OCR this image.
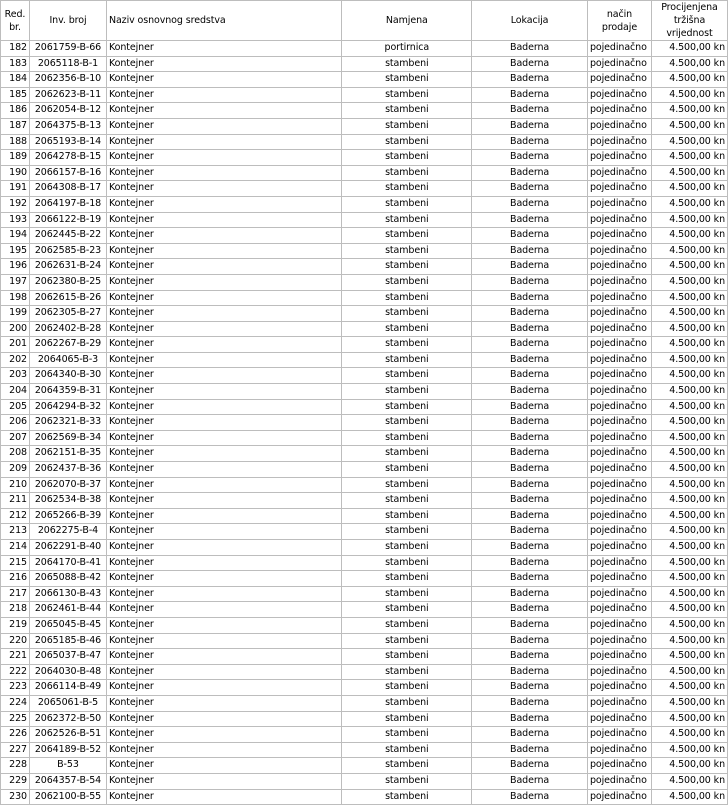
Red. br.	Inv. broj	Naziv osnovnog sredstva	Namjena	Lokacija	način prodaje	Procijenjena tržišna vrijednost
182	2061759-B-66	Kontejner	portirnica	Baderna	pojedinačno	4.500,00 kn
183	2065118-B-1	Kontejner	stambeni	Baderna	pojedinačno	4.500,00 kn
184	2062356-B-10	Kontejner	stambeni	Baderna	pojedinačno	4.500,00 kn
185	2062623-B-11	Kontejner	stambeni	Baderna	pojedinačno	4.500,00 kn
186	2062054-B-12	Kontejner	stambeni	Baderna	pojedinačno	4.500,00 kn
187	2064375-B-13	Kontejner	stambeni	Baderna	pojedinačno	4.500,00 kn
188	2065193-B-14	Kontejner	stambeni	Baderna	pojedinačno	4.500,00 kn
189	2064278-B-15	Kontejner	stambeni	Baderna	pojedinačno	4.500,00 kn
190	2066157-B-16	Kontejner	stambeni	Baderna	pojedinačno	4.500,00 kn
191	2064308-B-17	Kontejner	stambeni	Baderna	pojedinačno	4.500,00 kn
192	2064197-B-18	Kontejner	stambeni	Baderna	pojedinačno	4.500,00 kn
193	2066122-B-19	Kontejner	stambeni	Baderna	pojedinačno	4.500,00 kn
194	2062445-B-22	Kontejner	stambeni	Baderna	pojedinačno	4.500,00 kn
195	2062585-B-23	Kontejner	stambeni	Baderna	pojedinačno	4.500,00 kn
196	2062631-B-24	Kontejner	stambeni	Baderna	pojedinačno	4.500,00 kn
197	2062380-B-25	Kontejner	stambeni	Baderna	pojedinačno	4.500,00 kn
198	2062615-B-26	Kontejner	stambeni	Baderna	pojedinačno	4.500,00 kn
199	2062305-B-27	Kontejner	stambeni	Baderna	pojedinačno	4.500,00 kn
200	2062402-B-28	Kontejner	stambeni	Baderna	pojedinačno	4.500,00 kn
201	2062267-B-29	Kontejner	stambeni	Baderna	pojedinačno	4.500,00 kn
202	2064065-B-3	Kontejner	stambeni	Baderna	pojedinačno	4.500,00 kn
203	2064340-B-30	Kontejner	stambeni	Baderna	pojedinačno	4.500,00 kn
204	2064359-B-31	Kontejner	stambeni	Baderna	pojedinačno	4.500,00 kn
205	2064294-B-32	Kontejner	stambeni	Baderna	pojedinačno	4.500,00 kn
206	2062321-B-33	Kontejner	stambeni	Baderna	pojedinačno	4.500,00 kn
207	2062569-B-34	Kontejner	stambeni	Baderna	pojedinačno	4.500,00 kn
208	2062151-B-35	Kontejner	stambeni	Baderna	pojedinačno	4.500,00 kn
209	2062437-B-36	Kontejner	stambeni	Baderna	pojedinačno	4.500,00 kn
210	2062070-B-37	Kontejner	stambeni	Baderna	pojedinačno	4.500,00 kn
211	2062534-B-38	Kontejner	stambeni	Baderna	pojedinačno	4.500,00 kn
212	2065266-B-39	Kontejner	stambeni	Baderna	pojedinačno	4.500,00 kn
213	2062275-B-4	Kontejner	stambeni	Baderna	pojedinačno	4.500,00 kn
214	2062291-B-40	Kontejner	stambeni	Baderna	pojedinačno	4.500,00 kn
215	2064170-B-41	Kontejner	stambeni	Baderna	pojedinačno	4.500,00 kn
216	2065088-B-42	Kontejner	stambeni	Baderna	pojedinačno	4.500,00 kn
217	2066130-B-43	Kontejner	stambeni	Baderna	pojedinačno	4.500,00 kn
218	2062461-B-44	Kontejner	stambeni	Baderna	pojedinačno	4.500,00 kn
219	2065045-B-45	Kontejner	stambeni	Baderna	pojedinačno	4.500,00 kn
220	2065185-B-46	Kontejner	stambeni	Baderna	pojedinačno	4.500,00 kn
221	2065037-B-47	Kontejner	stambeni	Baderna	pojedinačno	4.500,00 kn
222	2064030-B-48	Kontejner	stambeni	Baderna	pojedinačno	4.500,00 kn
223	2066114-B-49	Kontejner	stambeni	Baderna	pojedinačno	4.500,00 kn
224	2065061-B-5	Kontejner	stambeni	Baderna	pojedinačno	4.500,00 kn
225	2062372-B-50	Kontejner	stambeni	Baderna	pojedinačno	4.500,00 kn
226	2062526-B-51	Kontejner	stambeni	Baderna	pojedinačno	4.500,00 kn
227	2064189-B-52	Kontejner	stambeni	Baderna	pojedinačno	4.500,00 kn
228	B-53	Kontejner	stambeni	Baderna	pojedinačno	4.500,00 kn
229	2064357-B-54	Kontejner	stambeni	Baderna	pojedinačno	4.500,00 kn
230	2062100-B-55	Kontejner	stambeni	Baderna	pojedinačno	4.500,00 kn
